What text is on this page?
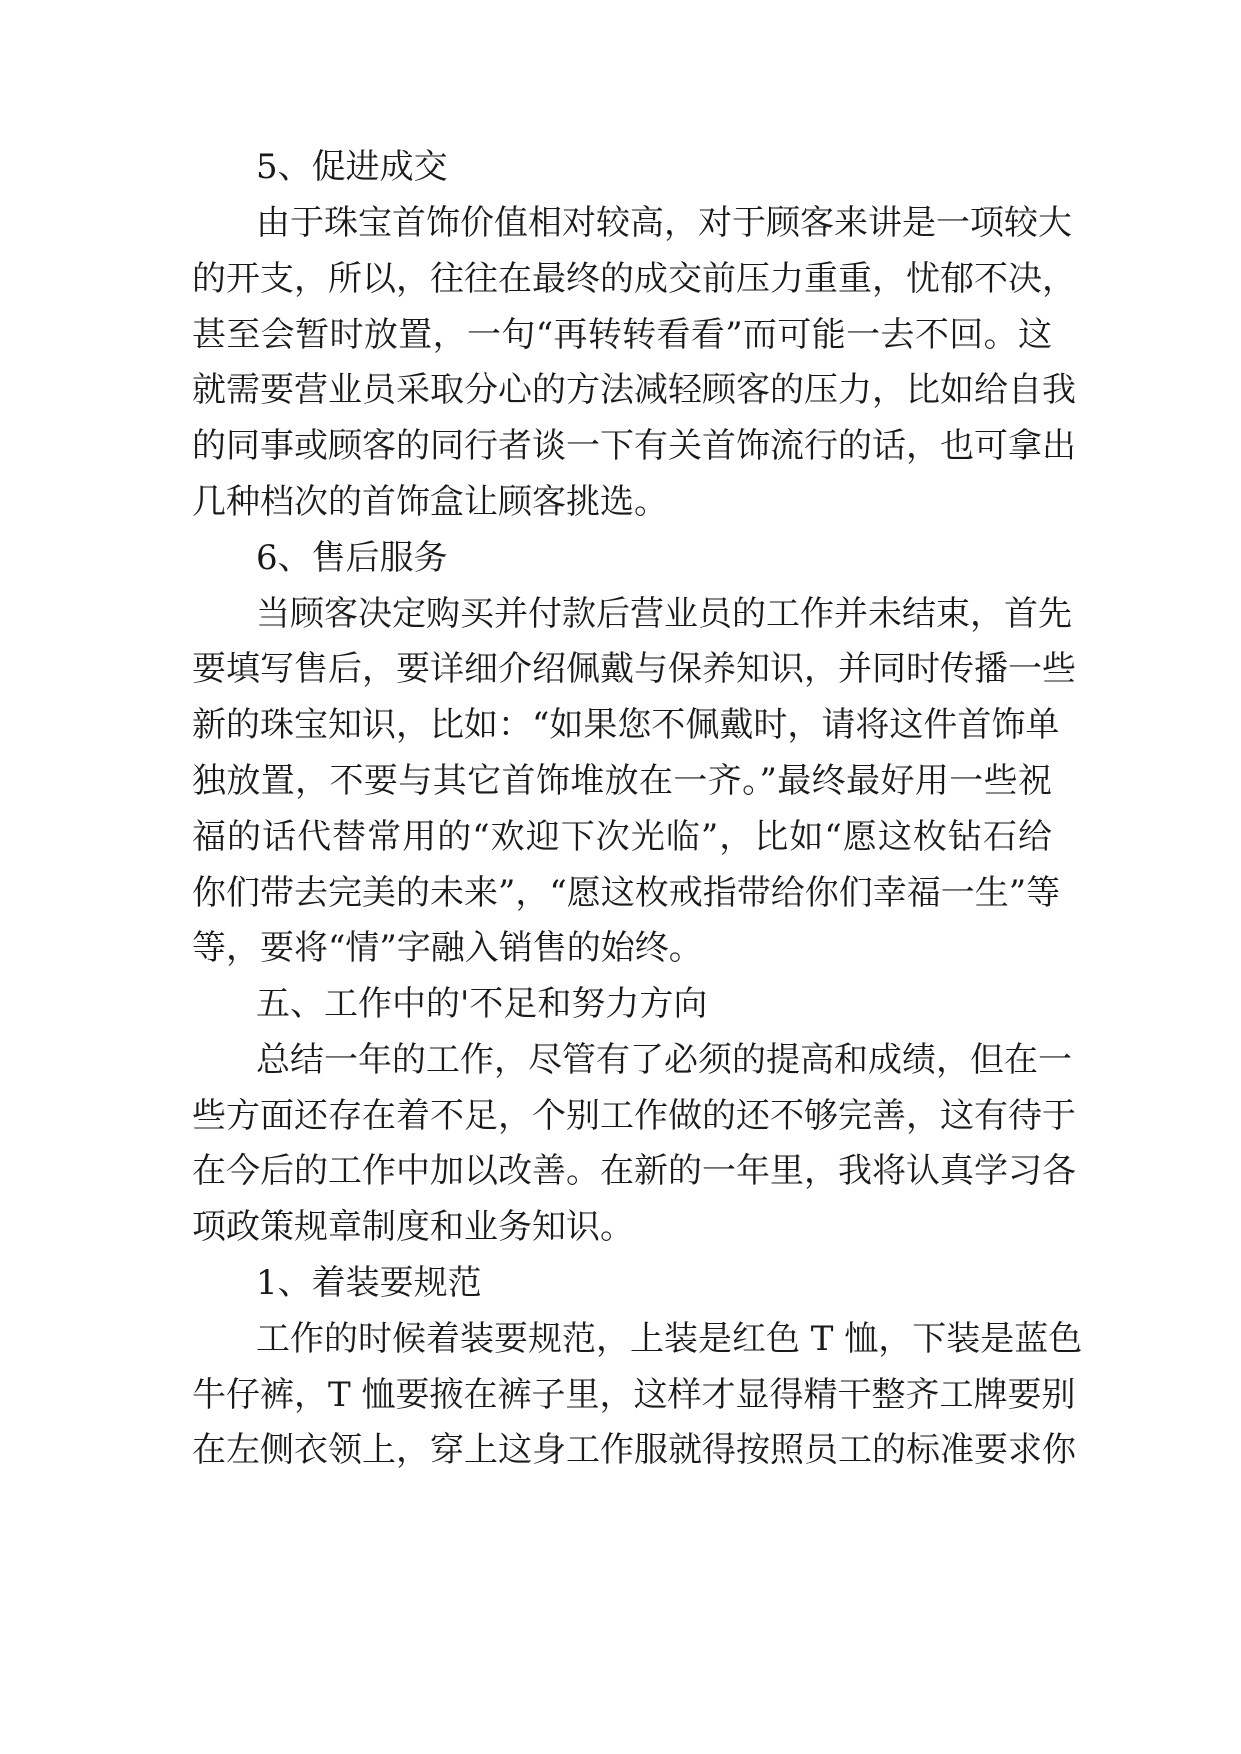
5、促进成交

由于珠宝首饰价值相对较高，对于顾客来讲是一项较大

的开支，所以，往往在最终的成交前压力重重，忧郁不决，

甚至会暂时放置，一句“再转转看看”而可能一去不回。这

就需要营业员采取分心的方法减轻顾客的压力，比如给自我

的同事或顾客的同行者谈一下有关首饰流行的话，也可拿出

几种档次的首饰盒让顾客挑选。

6、售后服务

当顾客决定购买并付款后营业员的工作并未结束，首先

要填写售后，要详细介绍佩戴与保养知识，并同时传播一些

新的珠宝知识，比如：“如果您不佩戴时，请将这件首饰单

独放置，不要与其它首饰堆放在一齐。”最终最好用一些祝

福的话代替常用的“欢迎下次光临”，比如“愿这枚钻石给

你们带去完美的未来”，“愿这枚戒指带给你们幸福一生”等

等，要将“情”字融入销售的始终。

五、工作中的'不足和努力方向

总结一年的工作，尽管有了必须的提高和成绩，但在一

些方面还存在着不足，个别工作做的还不够完善，这有待于

在今后的工作中加以改善。在新的一年里，我将认真学习各

项政策规章制度和业务知识。

1、着装要规范

工作的时候着装要规范，上装是红色 T 恤，下装是蓝色

牛仔裤，T 恤要掖在裤子里，这样才显得精干整齐工牌要别

在左侧衣领上，穿上这身工作服就得按照员工的标准要求你
